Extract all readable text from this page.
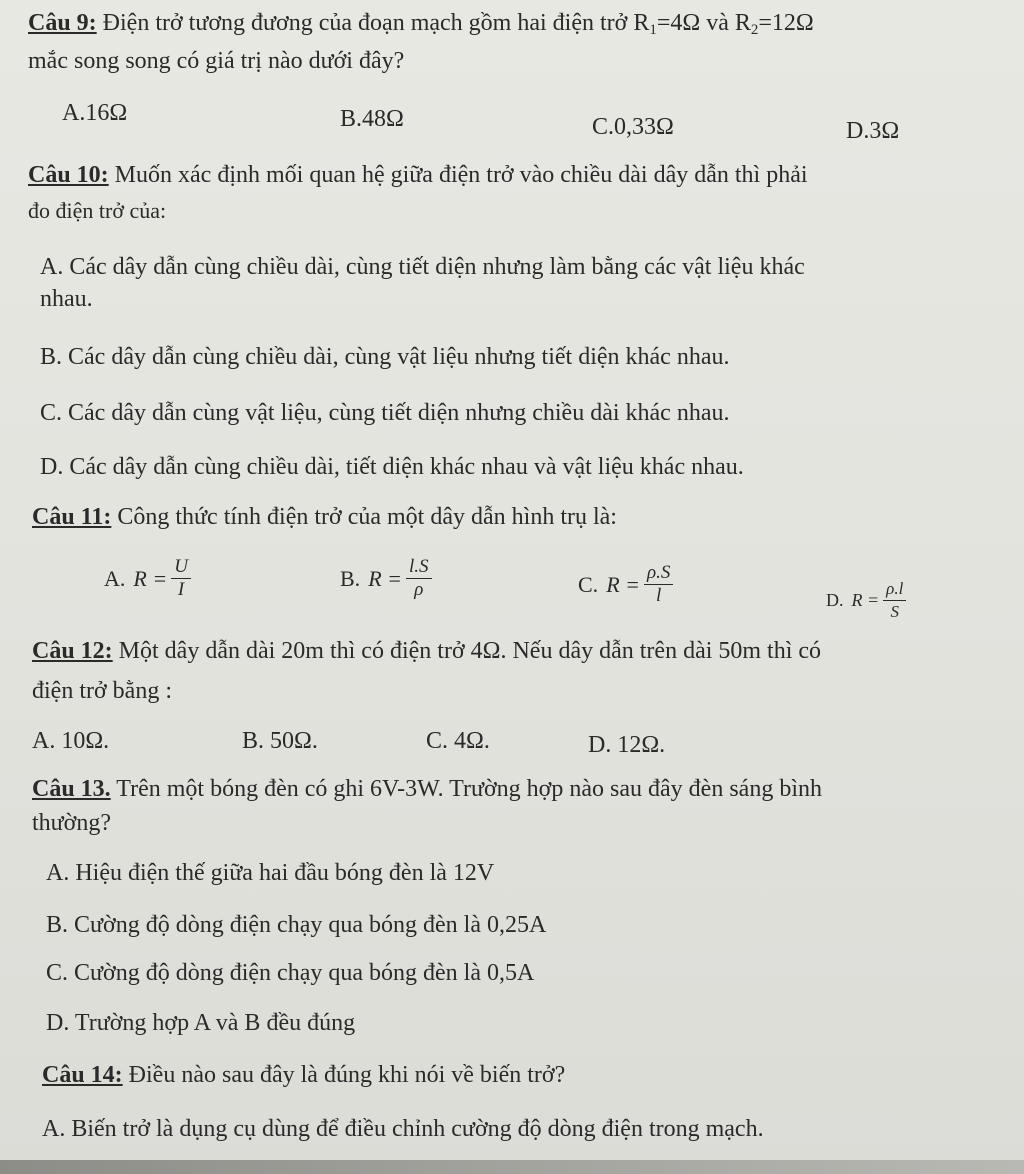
Câu 9: Điện trở tương đương của đoạn mạch gồm hai điện trở $R_1=4\Omega$ và $R_2=12\Omega$
mắc song song có giá trị nào dưới đây?
A.16Ω	B.48Ω	C.0,33Ω	D.3Ω
Câu 10: Muốn xác định mối quan hệ giữa điện trở vào chiều dài dây dẫn thì phải
đo điện trở của:
A. Các dây dẫn cùng chiều dài, cùng tiết diện nhưng làm bằng các vật liệu khác
nhau.
B. Các dây dẫn cùng chiều dài, cùng vật liệu nhưng tiết diện khác nhau.
C. Các dây dẫn cùng vật liệu, cùng tiết diện nhưng chiều dài khác nhau.
D. Các dây dẫn cùng chiều dài, tiết diện khác nhau và vật liệu khác nhau.
Câu 11: Công thức tính điện trở của một dây dẫn hình trụ là:
A. $R = \frac{U}{I}$	B. $R = \frac{l.S}{\rho}$	C. $R = \frac{\rho.S}{l}$	D. $R = \frac{\rho.l}{S}$
Câu 12: Một dây dẫn dài 20m thì có điện trở 4Ω. Nếu dây dẫn trên dài 50m thì có
điện trở bằng :
A. 10Ω.	B. 50Ω.	C. 4Ω.	D. 12Ω.
Câu 13. Trên một bóng đèn có ghi 6V-3W. Trường hợp nào sau đây đèn sáng bình
thường?
A. Hiệu điện thế giữa hai đầu bóng đèn là 12V
B. Cường độ dòng điện chạy qua bóng đèn là 0,25A
C. Cường độ dòng điện chạy qua bóng đèn là 0,5A
D. Trường hợp A và B đều đúng
Câu 14: Điều nào sau đây là đúng khi nói về biến trở?
A. Biến trở là dụng cụ dùng để điều chỉnh cường độ dòng điện trong mạch.
